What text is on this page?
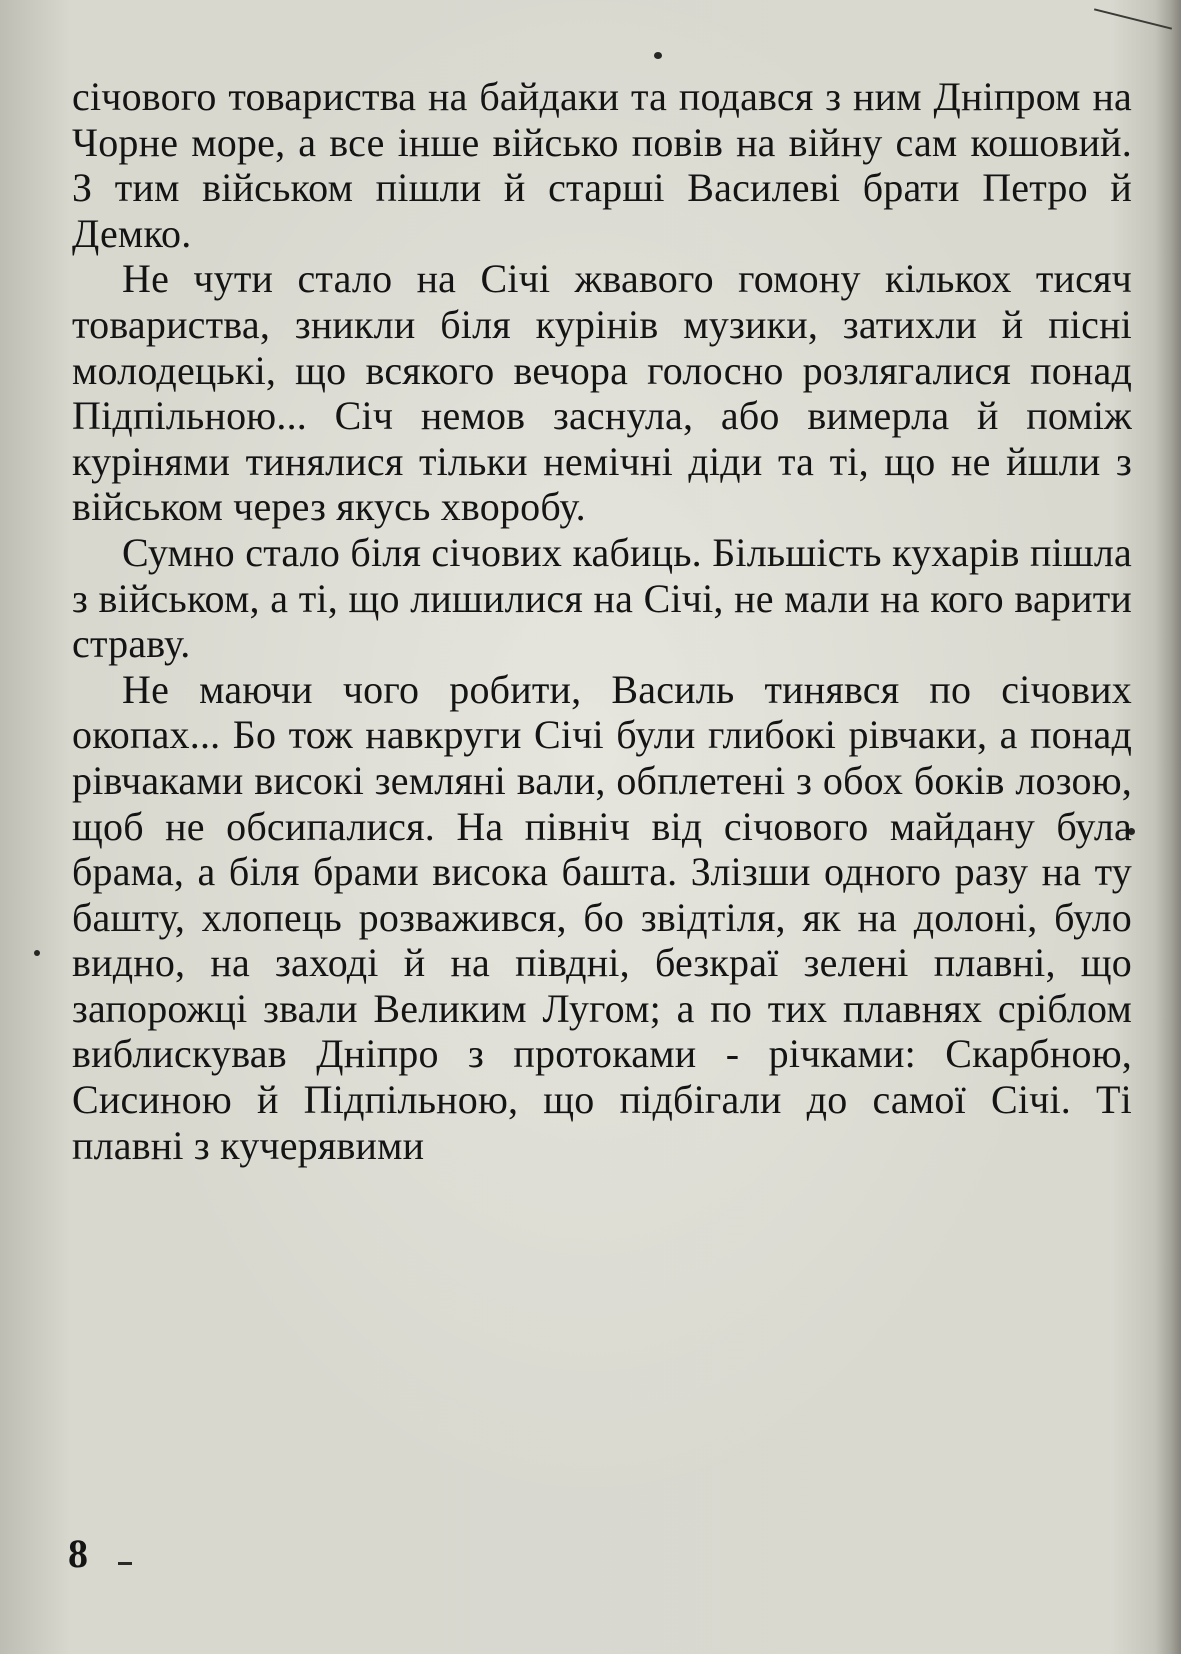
січового товариства на байдаки та подався з ним Дніпром на Чорне море, а все інше військо повів на війну сам кошовий. З тим військом пішли й старші Василеві брати Петро й Демко.

Не чути стало на Січі жвавого гомону кількох тисяч товариства, зникли біля курінів музики, затихли й пісні молодецькі, що всякого вечора голосно розлягалися понад Підпільною... Січ немов заснула, або вимерла й поміж курінями тинялися тільки немічні діди та ті, що не йшли з військом через якусь хворобу.

Сумно стало біля січових кабиць. Більшість кухарів пішла з військом, а ті, що лишилися на Січі, не мали на кого варити страву.

Не маючи чого робити, Василь тинявся по січових окопах... Бо тож навкруги Січі були глибокі рівчаки, а понад рівчаками високі земляні вали, обплетені з обох боків лозою, щоб не обсипалися. На північ від січового майдану була брама, а біля брами висока башта. Злізши одного разу на ту башту, хлопець розважився, бо звідтіля, як на долоні, було видно, на заході й на півдні, безкраї зелені плавні, що запорожці звали Великим Лугом; а по тих плавнях сріблом виблискував Дніпро з протоками - річками: Скарбною, Сисиною й Підпільною, що підбігали до самої Січі. Ті плавні з кучерявими

8
